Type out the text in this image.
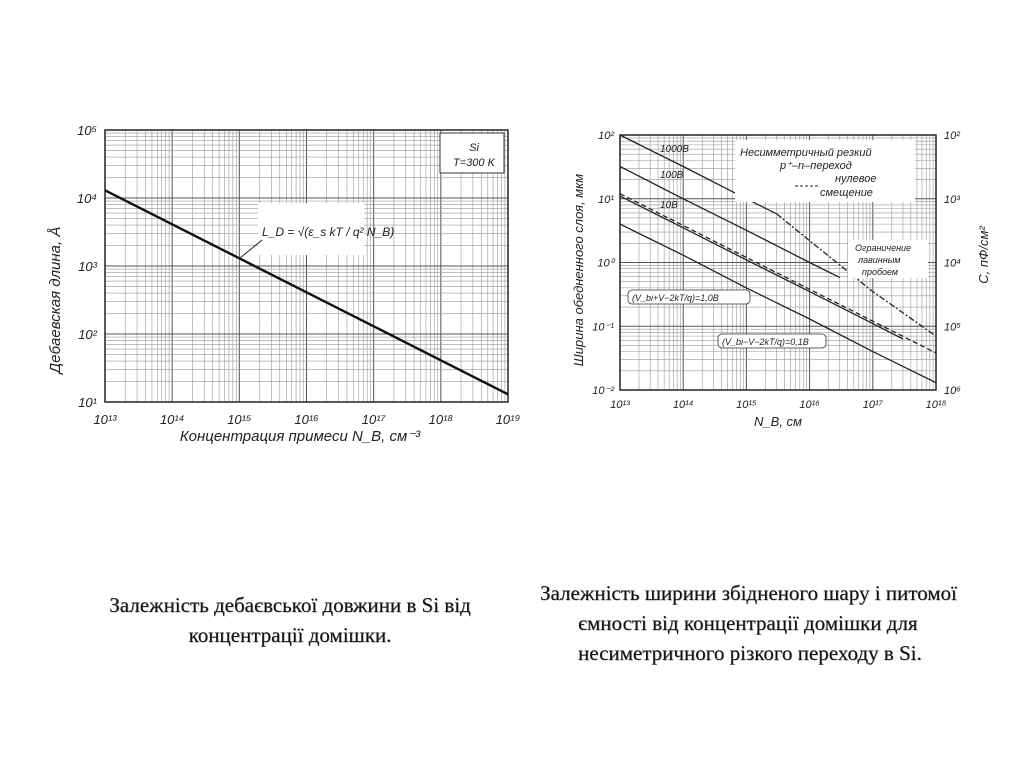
10¹³	10¹⁴	10¹⁵	10¹⁶	10¹⁷	10¹⁸	10¹⁹
10¹
10²
10³
10⁴
10⁵
Si
T=300 K
L_D = √(ε_s kT / q² N_B)
Концентрация примеси N_B, см⁻³
Дебаевская длина, Å
10¹³	10¹⁴	10¹⁵	10¹⁶	10¹⁷	10¹⁸
10⁻²
10⁻¹
10⁰
10¹
10²	10²
10³
10⁴
10⁵
10⁶
Несимметричный резкий
p⁺–n–переход
нулевое
смещение
Ограничение
лавинным
пробоем
(V_bi+V−2kT/q)=1,0В
(V_bi−V−2kT/q)=0,1В
1000В
100В
10В
N_B, см
Ширина обедненного слоя, мкм	C, пФ/см²
Залежність дебаєвської довжини в Si від концентрації домішки.
Залежність ширини збідненого шару і питомої ємності від концентрації домішки для несиметричного різкого переходу в Si.
